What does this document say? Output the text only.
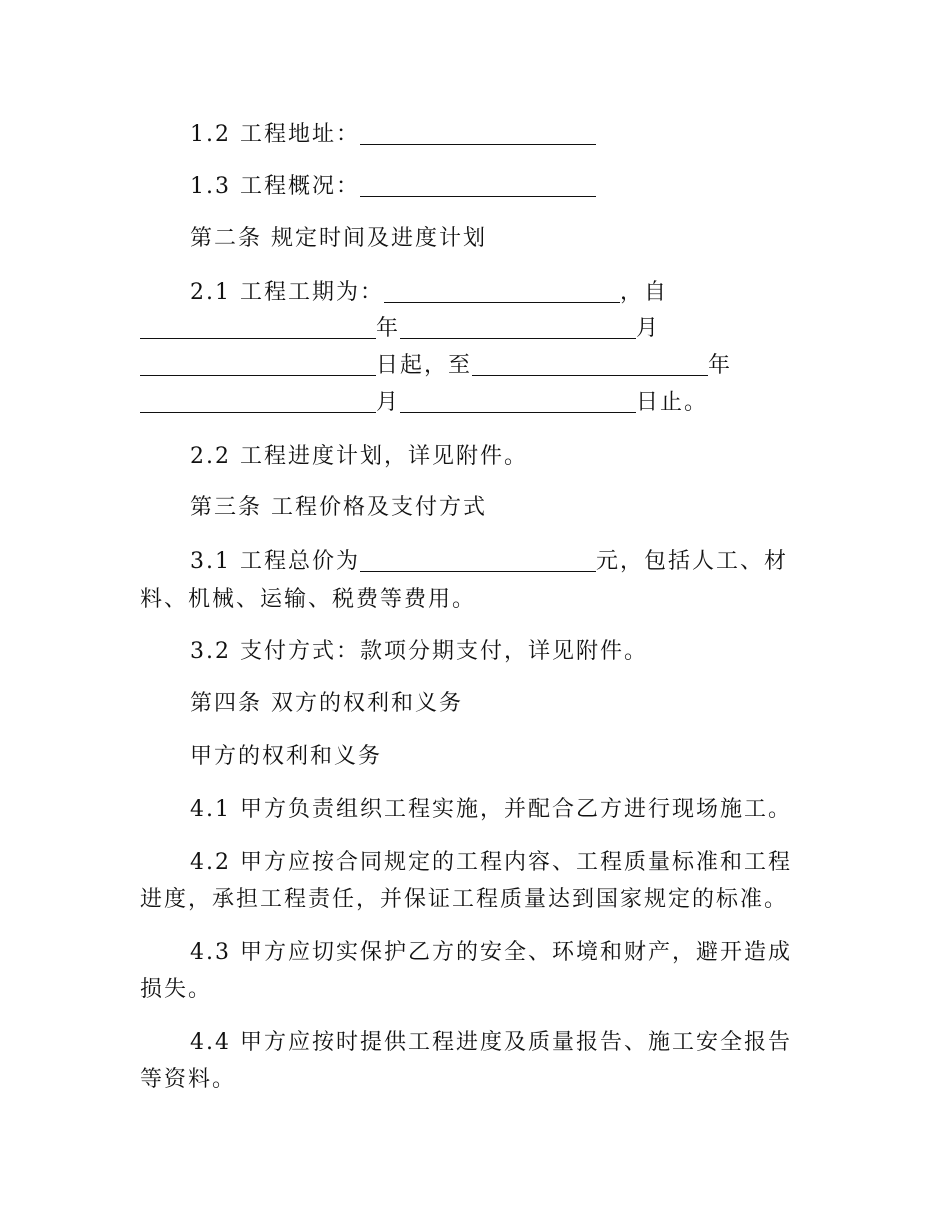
1.2 工程地址：
1.3 工程概况：
第二条 规定时间及进度计划
2.1 工程工期为：	，自
年	月
日起，至	年
月	日止。
2.2 工程进度计划，详见附件。
第三条 工程价格及支付方式
3.1 工程总价为	元，包括人工、材
料、机械、运输、税费等费用。
3.2 支付方式：款项分期支付，详见附件。
第四条 双方的权利和义务
甲方的权利和义务
4.1 甲方负责组织工程实施，并配合乙方进行现场施工。
4.2 甲方应按合同规定的工程内容、工程质量标准和工程
进度，承担工程责任，并保证工程质量达到国家规定的标准。
4.3 甲方应切实保护乙方的安全、环境和财产，避开造成
损失。
4.4 甲方应按时提供工程进度及质量报告、施工安全报告
等资料。
